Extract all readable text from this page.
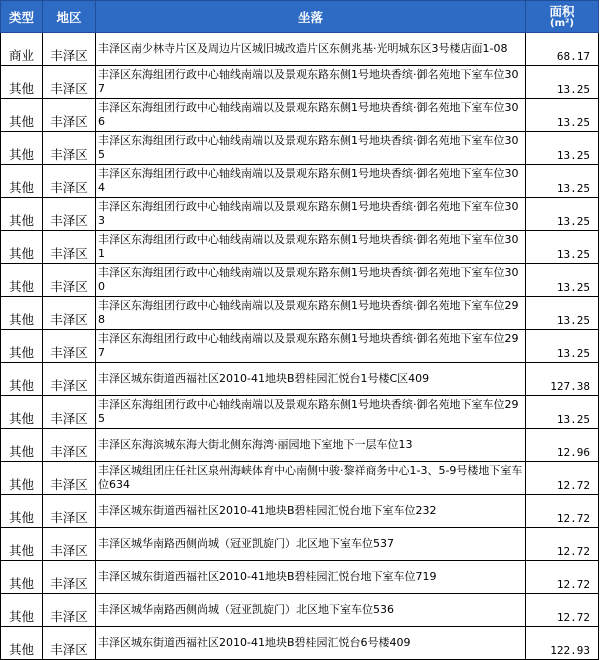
类型	地区	坐落	面积
(m²)

商业	丰泽区	丰泽区南少林寺片区及周边片区城旧城改造片区东侧兆基·光明城东区3号楼店面1-08	68.17
其他	丰泽区	丰泽区东海组团行政中心轴线南端以及景观东路东侧1号地块香缤·御名苑地下室车位307	13.25
其他	丰泽区	丰泽区东海组团行政中心轴线南端以及景观东路东侧1号地块香缤·御名苑地下室车位306	13.25
其他	丰泽区	丰泽区东海组团行政中心轴线南端以及景观东路东侧1号地块香缤·御名苑地下室车位305	13.25
其他	丰泽区	丰泽区东海组团行政中心轴线南端以及景观东路东侧1号地块香缤·御名苑地下室车位304	13.25
其他	丰泽区	丰泽区东海组团行政中心轴线南端以及景观东路东侧1号地块香缤·御名苑地下室车位303	13.25
其他	丰泽区	丰泽区东海组团行政中心轴线南端以及景观东路东侧1号地块香缤·御名苑地下室车位301	13.25
其他	丰泽区	丰泽区东海组团行政中心轴线南端以及景观东路东侧1号地块香缤·御名苑地下室车位300	13.25
其他	丰泽区	丰泽区东海组团行政中心轴线南端以及景观东路东侧1号地块香缤·御名苑地下室车位298	13.25
其他	丰泽区	丰泽区东海组团行政中心轴线南端以及景观东路东侧1号地块香缤·御名苑地下室车位297	13.25
其他	丰泽区	丰泽区城东街道西福社区2010-41地块B碧桂园汇悦台1号楼C区409	127.38
其他	丰泽区	丰泽区东海组团行政中心轴线南端以及景观东路东侧1号地块香缤·御名苑地下室车位295	13.25
其他	丰泽区	丰泽区东海滨城东海大街北侧东海湾·丽园地下室地下一层车位13	12.96
其他	丰泽区	丰泽区城组团庄任社区泉州海峡体育中心南侧中骏·黎祥商务中心1-3、5-9号楼地下室车位634	12.72
其他	丰泽区	丰泽区城东街道西福社区2010-41地块B碧桂园汇悦台地下室车位232	12.72
其他	丰泽区	丰泽区城华南路西侧尚城（冠亚凯旋门）北区地下室车位537	12.72
其他	丰泽区	丰泽区城东街道西福社区2010-41地块B碧桂园汇悦台地下室车位719	12.72
其他	丰泽区	丰泽区城华南路西侧尚城（冠亚凯旋门）北区地下室车位536	12.72
其他	丰泽区	丰泽区城东街道西福社区2010-41地块B碧桂园汇悦台6号楼409	122.93
